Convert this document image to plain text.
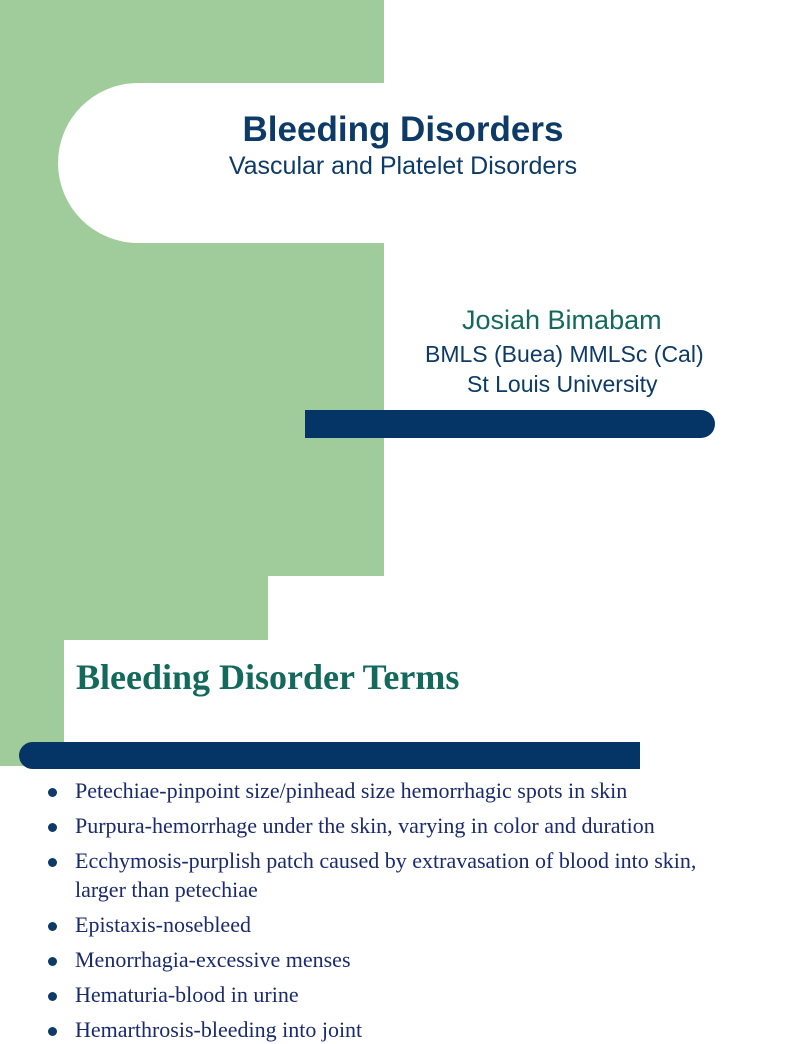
Bleeding Disorders
Vascular and Platelet Disorders
Josiah Bimabam
BMLS (Buea) MMLSc (Cal)
St Louis University
Bleeding Disorder Terms
Petechiae-pinpoint size/pinhead size hemorrhagic spots in skin
Purpura-hemorrhage under the skin, varying in color and duration
Ecchymosis-purplish patch caused by extravasation of blood into skin, larger than petechiae
Epistaxis-nosebleed
Menorrhagia-excessive menses
Hematuria-blood in urine
Hemarthrosis-bleeding into joint
